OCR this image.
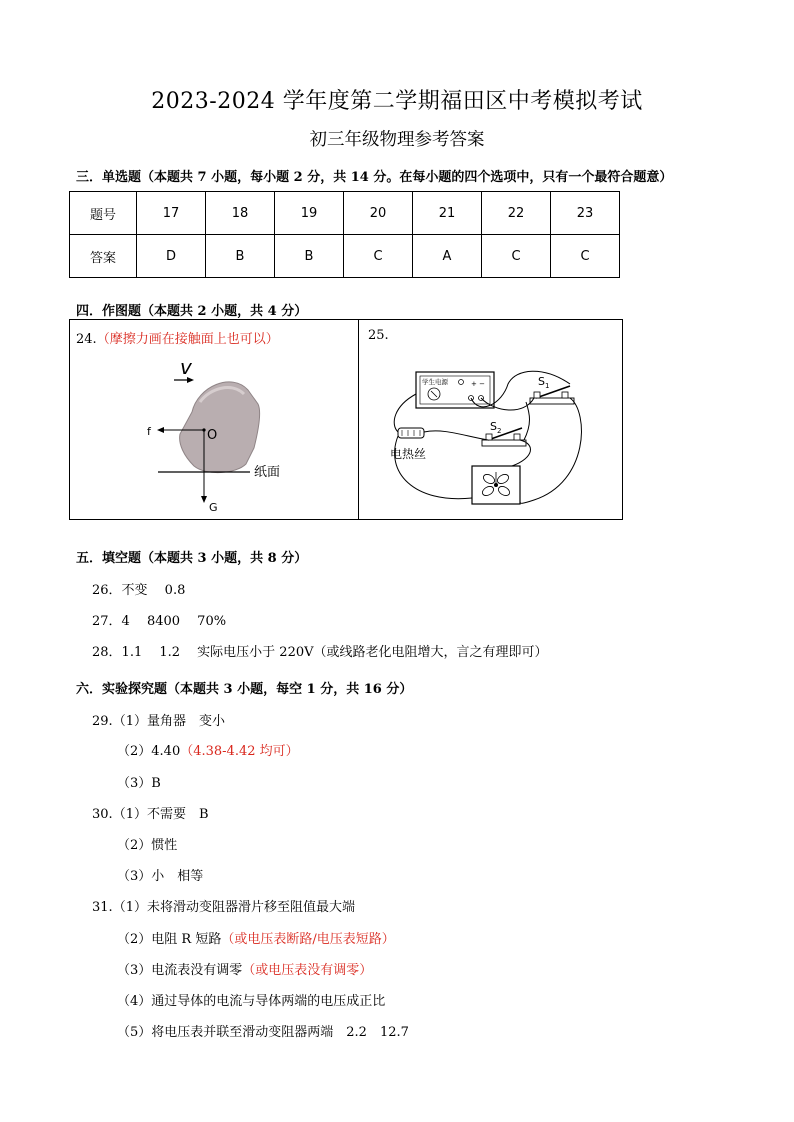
2023-2024 学年度第二学期福田区中考模拟考试
初三年级物理参考答案
三．单选题（本题共 7 小题，每小题 2 分，共 14 分。在每小题的四个选项中，只有一个最符合题意）
题号	17	18	19	20	21	22	23
答案	D	B	B	C	A	C	C
四．作图题（本题共 2 小题，共 4 分）
24.（摩擦力画在接触面上也可以）
v
纸面
f	O
G
25.
学生电源	+ −	$S_1$
$S_2$
电热丝
五．填空题（本题共 3 小题，共 8 分）
26．不变　 0.8
27．4　 8400　 70%
28．1.1　 1.2　 实际电压小于 220V（或线路老化电阻增大，言之有理即可）
六．实验探究题（本题共 3 小题，每空 1 分，共 16 分）
29.（1）量角器　变小
（2）4.40（4.38-4.42 均可）
（3）B
30.（1）不需要　B
（2）惯性
（3）小　相等
31.（1）未将滑动变阻器滑片移至阻值最大端
（2）电阻 R 短路（或电压表断路/电压表短路）
（3）电流表没有调零（或电压表没有调零）
（4）通过导体的电流与导体两端的电压成正比
（5）将电压表并联至滑动变阻器两端　2.2　12.7
